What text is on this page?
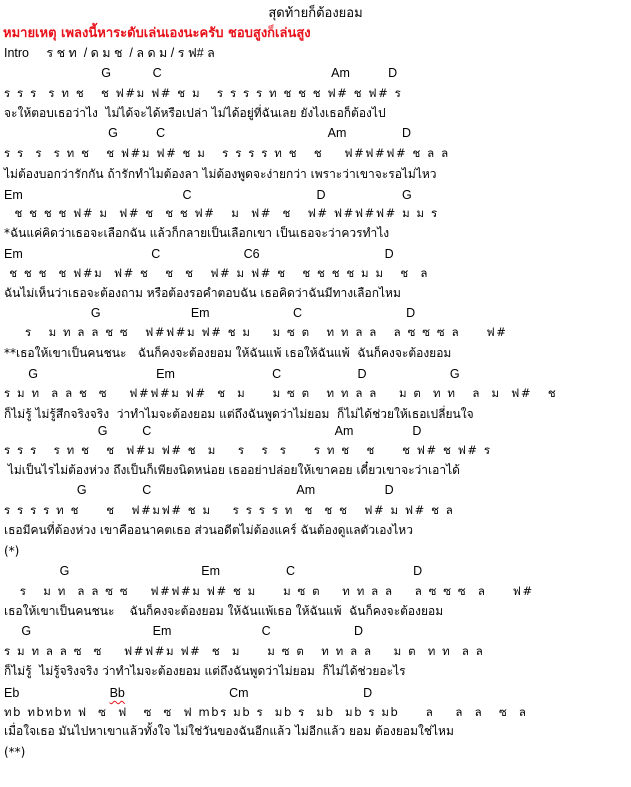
สุดท้ายก็ต้องยอม
หมายเหตุ เพลงนี้หาระดับเล่นเองนะครับ ชอบสูงก็เล่นสูง
Intro     ร ช ท  / ด ม ช  / ล ด ม / ร ฟ# ล
G            C                                                 Am           D
ร ร ร  ร ท ช   ช ฟ#ม ฟ# ช ม   ร ร ร ร ท ช ช ช ฟ# ช ฟ# ร
จะให้ตอบเธอว่าไง  ไม่ได้จะได้หรือเปล่า ไม่ได้อยู่ที่ฉันเลย ยังไงเธอก็ต้องไป
G           C                                               Am                D
ร ร  ร  ร ท ช   ช ฟ#ม ฟ# ช ม   ร ร ร ร ท ช   ช    ฟ#ฟ#ฟ# ช ล ล
ไม่ต้องบอกว่ารักกัน ถ้ารักทำไมต้องลา ไม่ต้องพูดจะง่ายกว่า เพราะว่าเขาจะรอไม่ไหว
Em                                              C                                    D                      G
ช ช ช ช ฟ# ม  ฟ# ช  ช ช ฟ#   ม  ฟ#  ช   ฟ# ฟ#ฟ#ฟ# ม ม ร
*ฉันแค่คิดว่าเธอจะเลือกฉัน แล้วก็กลายเป็นเลือกเขา เป็นเธอจะว่าควรทำไง
Em                                     C                        C6                                    D
ช ช ช  ช ฟ#ม  ฟ# ช   ช  ช   ฟ# ม ฟ# ช   ช ช ช ช ม ม   ช  ล
ฉันไม่เห็นว่าเธอจะต้องถาม หรือต้องรอคำตอบฉัน เธอคิดว่าฉันมีทางเลือกไหม
G                          Em                        C                              D
ร   ม ท ล ล ช ซ   ฟ#ฟ#ม ฟ# ช ม    ม ซ ต   ท ท ล ล   ล ซ ซ ซ ล     ฟ#
**เธอให้เขาเป็นคนชนะ   ฉันก็คงจะต้องยอม ให้ฉันแพ้ เธอให้ฉันแพ้  ฉันก็คงจะต้องยอม
G                                  Em                            C                      D                        G
ร ม ท  ล ล ช  ซ    ฟ#ฟ#ม ฟ#  ช  ม     ม ซ ต   ท ท ล ล    ม ต  ท ท   ล  ม  ฟ#   ช
ก็ไม่รู้ ไม่รู้สึกจริงจริง  ว่าทำไมจะต้องยอม แต่ถึงฉันพูดว่าไม่ยอม  ก็ไม่ได้ช่วยให้เธอเปลี่ยนใจ
G          C                                                     Am                 D
ร ร ร   ร ท ช   ช  ฟ#ม ฟ# ช  ม    ร   ร  ร     ร ท ช   ช     ช ฟ# ช ฟ# ร
ไม่เป็นไรไม่ต้องห่วง ถึงเป็นก็เพียงนิดหน่อย เธออย่าปล่อยให้เขาคอย เดี๋ยวเขาจะว่าเอาได้
G                C                                          Am                    D
ร ร ร ร ท ช     ช   ฟ#มฟ# ช ม    ร ร ร ร ท  ช  ช ช   ฟ# ม ฟ# ช ล
เธอมีคนที่ต้องห่วง เขาคืออนาคตเธอ ส่วนอดีตไม่ต้องแคร์ ฉันต้องดูแลตัวเองไหว
(*)
G                                      Em                   C                                  D
ร   ม ท  ล ล ซ ซ    ฟ#ฟ#ม ฟ# ช ม     ม ซ ต    ท ท ล ล    ล ซ ซ ซ  ล     ฟ#
เธอให้เขาเป็นคนชนะ    ฉันก็คงจะต้องยอม ให้ฉันแพ้เธอ ให้ฉันแพ้  ฉันก็คงจะต้องยอม
G                                   Em                          C                        D
ร ม ท ล ล ซ  ซ    ฟ#ฟ#ม ฟ#  ช  ม     ม ซ ต   ท ท ล ล    ม ต  ท ท  ล ล
ก็ไม่รู้  ไม่รู้จริงจริง ว่าทำไมจะต้องยอม แต่ถึงฉันพูดว่าไม่ยอม  ก็ไม่ได้ช่วยอะไร
Eb                          Bb                              Cm                                 D
ทb ทbทbท ฟ  ซ  ฟ   ซ  ซ  ฟ mbร มb ร  มb ร  มb  มb ร มb     ล    ล  ล   ซ  ล
เมื่อใจเธอ มันไปหาเขาแล้วทั้งใจ ไม่ใช่วันของฉันอีกแล้ว ไม่อีกแล้ว ยอม ต้องยอมใช่ไหม
(**)
